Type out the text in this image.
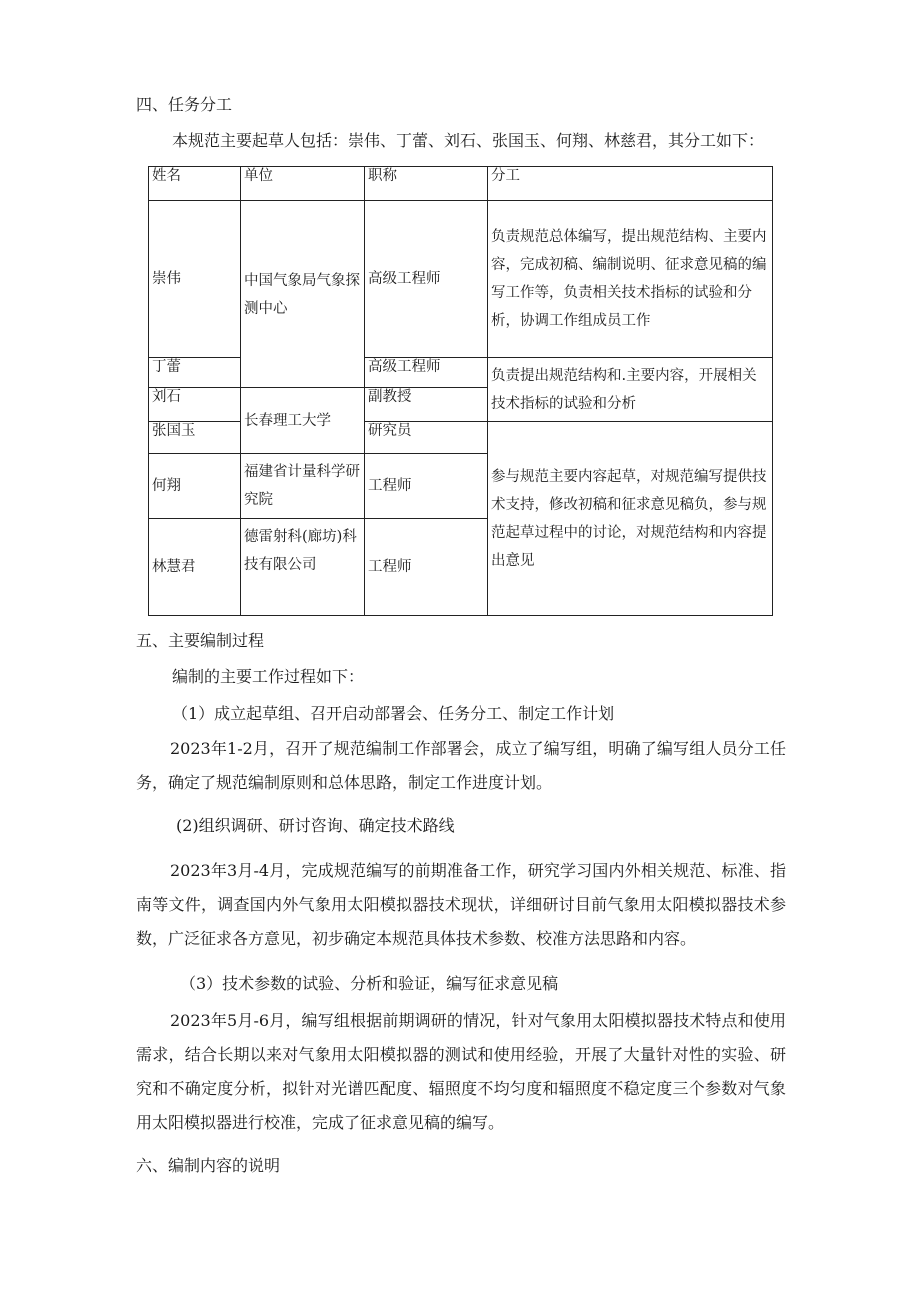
四、任务分工
本规范主要起草人包括：崇伟、丁蕾、刘石、张国玉、何翔、林慈君，其分工如下：
姓名	单位	职称	分工
崇伟	中国气象局气象探测中心	高级工程师	负责规范总体编写，提出规范结构、主要内容，完成初稿、编制说明、征求意见稿的编写工作等，负责相关技术指标的试验和分析，协调工作组成员工作
丁蕾		高级工程师	负责提出规范结构和.主要内容，开展相关技术指标的试验和分析
刘石	长春理工大学	副教授	
张国玉		研究员	参与规范主要内容起草，对规范编写提供技术支持，修改初稿和征求意见稿负，参与规范起草过程中的讨论，对规范结构和内容提出意见
何翔	福建省计量科学研究院	工程师	
林慧君	德雷射科(廊坊)科技有限公司	工程师	
五、主要编制过程
编制的主要工作过程如下：
（1）成立起草组、召开启动部署会、任务分工、制定工作计划

2023年1-2月，召开了规范编制工作部署会，成立了编写组，明确了编写组人员分工任务，确定了规范编制原则和总体思路，制定工作进度计划。

(2)组织调研、研讨咨询、确定技术路线

2023年3月-4月，完成规范编写的前期准备工作，研究学习国内外相关规范、标准、指南等文件，调查国内外气象用太阳模拟器技术现状，详细研讨目前气象用太阳模拟器技术参数，广泛征求各方意见，初步确定本规范具体技术参数、校准方法思路和内容。

（3）技术参数的试验、分析和验证，编写征求意见稿

2023年5月-6月，编写组根据前期调研的情况，针对气象用太阳模拟器技术特点和使用需求，结合长期以来对气象用太阳模拟器的测试和使用经验，开展了大量针对性的实验、研究和不确定度分析，拟针对光谱匹配度、辐照度不均匀度和辐照度不稳定度三个参数对气象用太阳模拟器进行校准，完成了征求意见稿的编写。

六、编制内容的说明
